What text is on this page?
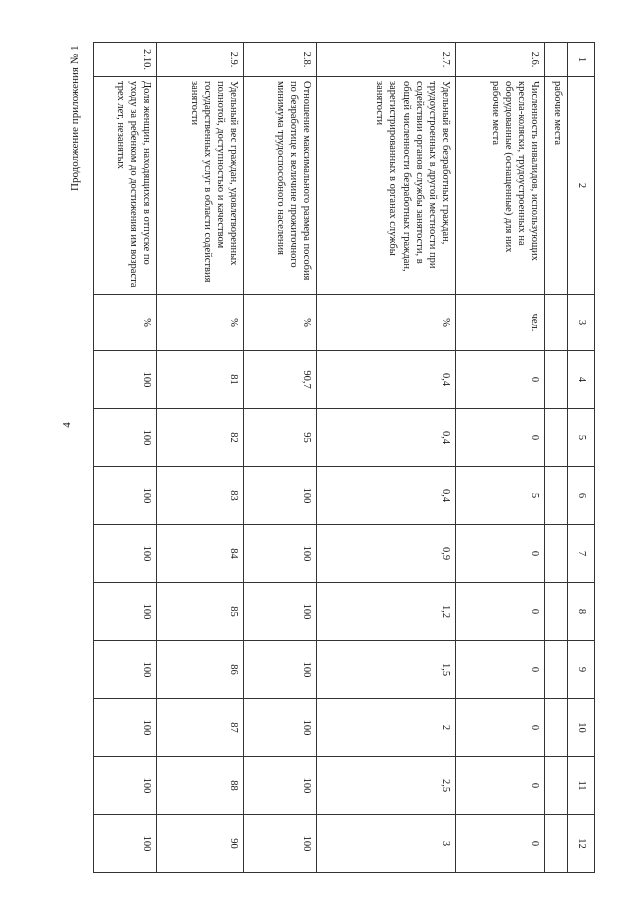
4
Продолжение приложения № 1	1	2	3	4	5	6	7	8	9	10	11	12
	рабочие места										
2.6.	Численность инвалидов, использующих кресла-коляски, трудоустроенных на оборудованные (оснащенные) для них рабочие места	чел.	0	0	5	0	0	0	0	0	0
2.7.	Удельный вес безработных граждан, трудоустроенных в другой местности при содействии органов службы занятости, в общей численности безработных граждан, зарегистрированных в органах службы занятости	%	0,4	0,4	0,4	0,9	1,2	1,5	2	2,5	3
2.8.	Отношение максимального размера пособия по безработице к величине прожиточного минимума трудоспособного населения	%	90,7	95	100	100	100	100	100	100	100
2.9.	Удельный вес граждан, удовлетворенных полнотой, доступностью и качеством государственных услуг в области содействия занятости	%	81	82	83	84	85	86	87	88	90
2.10.	Доля женщин, находящихся в отпуске по уходу за ребенком до достижения им возраста трех лет, незанятых	%	100	100	100	100	100	100	100	100	100
